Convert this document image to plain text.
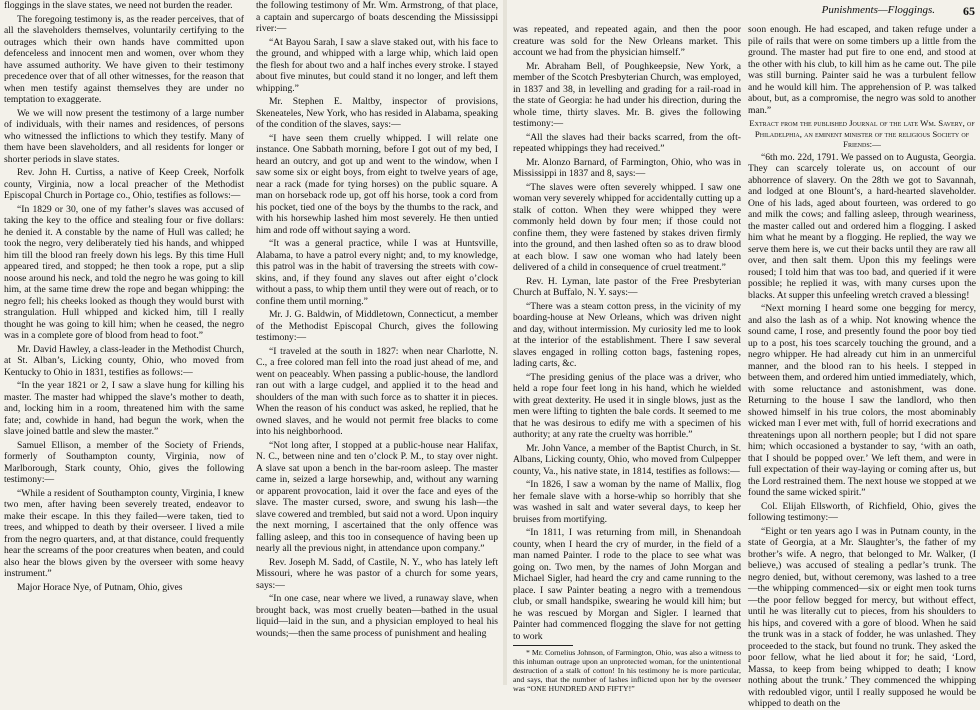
Punishments—Floggings. 65

floggings in the slave states, we need not burden the reader.

The foregoing testimony is, as the reader perceives, that of all the slaveholders themselves, voluntarily certifying to the outrages which their own hands have committed upon defenceless and innocent men and women, over whom they have assumed authority. We have given to their testimony precedence over that of all other witnesses, for the reason that when men testify against themselves they are under no temptation to exaggerate.

We we will now present the testimony of a large number of individuals, with their names and residences, of persons who witnessed the inflictions to which they testify. Many of them have been slaveholders, and all residents for longer or shorter periods in slave states.

Rev. John H. Curtiss, a native of Keep Creek, Norfolk county, Virginia, now a local preacher of the Methodist Episcopal Church in Portage co., Ohio, testifies as follows:—

“In 1829 or 30, one of my father’s slaves was accused of taking the key to the office and stealing four or five dollars: he denied it. A constable by the name of Hull was called; he took the negro, very deliberately tied his hands, and whipped him till the blood ran freely down his legs. By this time Hull appeared tired, and stopped; he then took a rope, put a slip noose around his neck, and told the negro he was going to kill him, at the same time drew the rope and began whipping: the negro fell; his cheeks looked as though they would burst with strangulation. Hull whipped and kicked him, till I really thought he was going to kill him; when he ceased, the negro was in a complete gore of blood from head to foot.”

Mr. David Hawley, a class-leader in the Methodist Church, at St. Alban’s, Licking county, Ohio, who moved from Kentucky to Ohio in 1831, testifies as follows:—

“In the year 1821 or 2, I saw a slave hung for killing his master. The master had whipped the slave’s mother to death, and, locking him in a room, threatened him with the same fate; and, cowhide in hand, had begun the work, when the slave joined battle and slew the master.”

Samuel Ellison, a member of the Society of Friends, formerly of Southampton county, Virginia, now of Marlborough, Stark county, Ohio, gives the following testimony:—

“While a resident of Southampton county, Virginia, I knew two men, after having been severely treated, endeavor to make their escape. In this they failed—were taken, tied to trees, and whipped to death by their overseer. I lived a mile from the negro quarters, and, at that distance, could frequently hear the screams of the poor creatures when beaten, and could also hear the blows given by the overseer with some heavy instrument.”

Major Horace Nye, of Putnam, Ohio, gives

the following testimony of Mr. Wm. Armstrong, of that place, a captain and supercargo of boats descending the Mississippi river:—

“At Bayou Sarah, I saw a slave staked out, with his face to the ground, and whipped with a large whip, which laid open the flesh for about two and a half inches every stroke. I stayed about five minutes, but could stand it no longer, and left them whipping.”

Mr. Stephen E. Maltby, inspector of provisions, Skeneateles, New York, who has resided in Alabama, speaking of the condition of the slaves, says:—

“I have seen them cruelly whipped. I will relate one instance. One Sabbath morning, before I got out of my bed, I heard an outcry, and got up and went to the window, when I saw some six or eight boys, from eight to twelve years of age, near a rack (made for tying horses) on the public square. A man on horseback rode up, got off his horse, took a cord from his pocket, tied one of the boys by the thumbs to the rack, and with his horsewhip lashed him most severely. He then untied him and rode off without saying a word.

“It was a general practice, while I was at Huntsville, Alabama, to have a patrol every night; and, to my knowledge, this patrol was in the habit of traversing the streets with cow-skins, and, if they found any slaves out after eight o’clock without a pass, to whip them until they were out of reach, or to confine them until morning.”

Mr. J. G. Baldwin, of Middletown, Connecticut, a member of the Methodist Episcopal Church, gives the following testimony:—

“I traveled at the south in 1827: when near Charlotte, N. C., a free colored man fell into the road just ahead of me, and went on peaceably. When passing a public-house, the landlord ran out with a large cudgel, and applied it to the head and shoulders of the man with such force as to shatter it in pieces. When the reason of his conduct was asked, he replied, that he owned slaves, and he would not permit free blacks to come into his neighborhood.

“Not long after, I stopped at a public-house near Halifax, N. C., between nine and ten o’clock P. M., to stay over night. A slave sat upon a bench in the bar-room asleep. The master came in, seized a large horsewhip, and, without any warning or apparent provocation, laid it over the face and eyes of the slave. The master cursed, swore, and swung his lash—the slave cowered and trembled, but said not a word. Upon inquiry the next morning, I ascertained that the only offence was falling asleep, and this too in consequence of having been up nearly all the previous night, in attendance upon company.”

Rev. Joseph M. Sadd, of Castile, N. Y., who has lately left Missouri, where he was pastor of a church for some years, says:—

“In one case, near where we lived, a runaway slave, when brought back, was most cruelly beaten—bathed in the usual liquid—laid in the sun, and a physician employed to heal his wounds;—then the same process of punishment and healing

was repeated, and repeated again, and then the poor creature was sold for the New Orleans market. This account we had from the physician himself.”

Mr. Abraham Bell, of Poughkeepsie, New York, a member of the Scotch Presbyterian Church, was employed, in 1837 and 38, in levelling and grading for a rail-road in the state of Georgia: he had under his direction, during the whole time, thirty slaves. Mr. B. gives the following testimony:—

“All the slaves had their backs scarred, from the oft-repeated whippings they had received.”

Mr. Alonzo Barnard, of Farmington, Ohio, who was in Mississippi in 1837 and 8, says:—

“The slaves were often severely whipped. I saw one woman very severely whipped for accidentally cutting up a stalk of cotton. When they were whipped they were commonly held down by four men; if those could not confine them, they were fastened by stakes driven firmly into the ground, and then lashed often so as to draw blood at each blow. I saw one woman who had lately been delivered of a child in consequence of cruel treatment.”

Rev. H. Lyman, late pastor of the Free Presbyterian Church at Buffalo, N. Y. says:—

“There was a steam cotton press, in the vicinity of my boarding-house at New Orleans, which was driven night and day, without intermission. My curiosity led me to look at the interior of the establishment. There I saw several slaves engaged in rolling cotton bags, fastening ropes, lading carts, &c.

“The presiding genius of the place was a driver, who held a rope four feet long in his hand, which he wielded with great dexterity. He used it in single blows, just as the men were lifting to tighten the bale cords. It seemed to me that he was desirous to edify me with a specimen of his authority; at any rate the cruelty was horrible.”

Mr. John Vance, a member of the Baptist Church, in St. Albans, Licking county, Ohio, who moved from Culpepper county, Va., his native state, in 1814, testifies as follows:—

“In 1826, I saw a woman by the name of Mallix, flog her female slave with a horse-whip so horribly that she was washed in salt and water several days, to keep her bruises from mortifying.

“In 1811, I was returning from mill, in Shenandoah county, when I heard the cry of murder, in the field of a man named Painter. I rode to the place to see what was going on. Two men, by the names of John Morgan and Michael Sigler, had heard the cry and came running to the place. I saw Painter beating a negro with a tremendous club, or small handspike, swearing he would kill him; but he was rescued by Morgan and Sigler. I learned that Painter had commenced flogging the slave for not getting to work

* Mr. Cornelius Johnson, of Farmington, Ohio, was also a witness to this inhuman outrage upon an unprotected woman, for the unintentional destruction of a stalk of cotton! In his testimony he is more particular, and says, that the number of lashes inflicted upon her by the overseer was “ONE HUNDRED AND FIFTY!”

soon enough. He had escaped, and taken refuge under a pile of rails that were on some timbers up a little from the ground. The master had put fire to one end, and stood at the other with his club, to kill him as he came out. The pile was still burning. Painter said he was a turbulent fellow and he would kill him. The apprehension of P. was talked about, but, as a compromise, the negro was sold to another man.”

Extract from the published Journal of the late Wm. Savery, of Philadelphia, an eminent minister of the religious Society of Friends:—

“6th mo. 22d, 1791. We passed on to Augusta, Georgia. They can scarcely tolerate us, on account of our abhorrence of slavery. On the 28th we got to Savannah, and lodged at one Blount’s, a hard-hearted slaveholder. One of his lads, aged about fourteen, was ordered to go and milk the cows; and falling asleep, through weariness, the master called out and ordered him a flogging. I asked him what he meant by a flogging. He replied, the way we serve them here is, we cut their backs until they are raw all over, and then salt them. Upon this my feelings were roused; I told him that was too bad, and queried if it were possible; he replied it was, with many curses upon the blacks. At supper this unfeeling wretch craved a blessing!

“Next morning I heard some one begging for mercy, and also the lash as of a whip. Not knowing whence the sound came, I rose, and presently found the poor boy tied up to a post, his toes scarcely touching the ground, and a negro whipper. He had already cut him in an unmerciful manner, and the blood ran to his heels. I stepped in between them, and ordered him untied immediately, which, with some reluctance and astonishment, was done. Returning to the house I saw the landlord, who then showed himself in his true colors, the most abominably wicked man I ever met with, full of horrid execrations and threatenings upon all northern people; but I did not spare him; which occasioned a bystander to say, ‘with an oath, that I should be popped over.’ We left them, and were in full expectation of their way-laying or coming after us, but the Lord restrained them. The next house we stopped at we found the same wicked spirit.”

Col. Elijah Ellsworth, of Richfield, Ohio, gives the following testimony:—

“Eight or ten years ago I was in Putnam county, in the state of Georgia, at a Mr. Slaughter’s, the father of my brother’s wife. A negro, that belonged to Mr. Walker, (I believe,) was accused of stealing a pedlar’s trunk. The negro denied, but, without ceremony, was lashed to a tree—the whipping commenced—six or eight men took turns—the poor fellow begged for mercy, but without effect, until he was literally cut to pieces, from his shoulders to his hips, and covered with a gore of blood. When he said the trunk was in a stack of fodder, he was unlashed. They proceeded to the stack, but found no trunk. They asked the poor fellow, what he lied about it for; he said, ‘Lord, Massa, to keep from being whipped to death; I know nothing about the trunk.’ They commenced the whipping with redoubled vigor, until I really supposed he would be whipped to death on the
